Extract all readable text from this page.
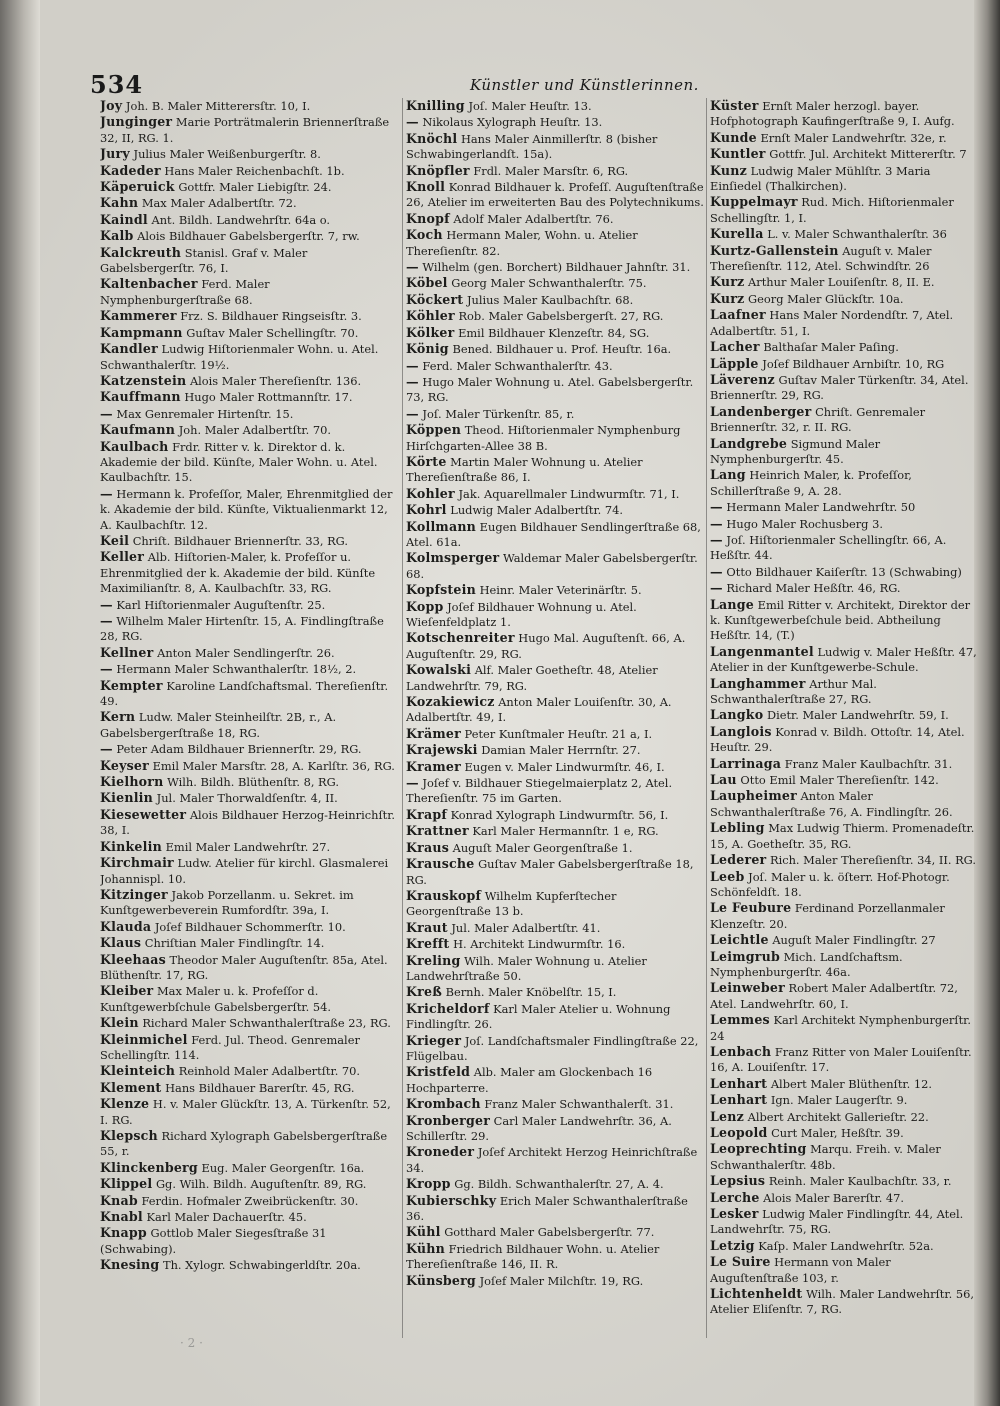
534	Künstler und Künstlerinnen.

Joy Joh. B. Maler Mitterersſtr. 10, I.

Junginger Marie Porträtmalerin Briennerſtraße 32, II, RG. 1.

Jury Julius Maler Weißenburgerſtr. 8.

Kadeder Hans Maler Reichenbachſt. 1b.

Käperuick Gottfr. Maler Liebigſtr. 24.

Kahn Max Maler Adalbertſtr. 72.

Kaindl Ant. Bildh. Landwehrſtr. 64a o.

Kalb Alois Bildhauer Gabelsbergerſtr. 7, rw.

Kalckreuth Stanisl. Graf v. Maler Gabelsbergerſtr. 76, I.

Kaltenbacher Ferd. Maler Nymphenburgerſtraße 68.

Kammerer Frz. S. Bildhauer Ringseisſtr. 3.

Kampmann Guſtav Maler Schellingſtr. 70.

Kandler Ludwig Hiſtorienmaler Wohn. u. Atel. Schwanthalerſtr. 19½.

Katzenstein Alois Maler Thereſienſtr. 136.

Kauffmann Hugo Maler Rottmannſtr. 17.

— Max Genremaler Hirtenſtr. 15.

Kaufmann Joh. Maler Adalbertſtr. 70.

Kaulbach Frdr. Ritter v. k. Direktor d. k. Akademie der bild. Künſte, Maler Wohn. u. Atel. Kaulbachſtr. 15.

— Hermann k. Profeſſor, Maler, Ehrenmitglied der k. Akademie der bild. Künſte, Viktualienmarkt 12, A. Kaulbachſtr. 12.

Keil Chriſt. Bildhauer Briennerſtr. 33, RG.

Keller Alb. Hiſtorien-Maler, k. Profeſſor u. Ehrenmitglied der k. Akademie der bild. Künſte Maximilianſtr. 8, A. Kaulbachſtr. 33, RG.

— Karl Hiſtorienmaler Auguſtenſtr. 25.

— Wilhelm Maler Hirtenſtr. 15, A. Findlingſtraße 28, RG.

Kellner Anton Maler Sendlingerſtr. 26.

— Hermann Maler Schwanthalerſtr. 18½, 2.

Kempter Karoline Landſchaftsmal. Thereſienſtr. 49.

Kern Ludw. Maler Steinheilſtr. 2B, r., A. Gabelsbergerſtraße 18, RG.

— Peter Adam Bildhauer Briennerſtr. 29, RG.

Keyser Emil Maler Marsſtr. 28, A. Karlſtr. 36, RG.

Kielhorn Wilh. Bildh. Blüthenſtr. 8, RG.

Kienlin Jul. Maler Thorwaldſenſtr. 4, II.

Kiesewetter Alois Bildhauer Herzog-Heinrichſtr. 38, I.

Kinkelin Emil Maler Landwehrſtr. 27.

Kirchmair Ludw. Atelier für kirchl. Glasmalerei Johannispl. 10.

Kitzinger Jakob Porzellanm. u. Sekret. im Kunſtgewerbeverein Rumfordſtr. 39a, I.

Klauda Joſef Bildhauer Schommerſtr. 10.

Klaus Chriſtian Maler Findlingſtr. 14.

Kleehaas Theodor Maler Auguſtenſtr. 85a, Atel. Blüthenſtr. 17, RG.

Kleiber Max Maler u. k. Profeſſor d. Kunſtgewerbſchule Gabelsbergerſtr. 54.

Klein Richard Maler Schwanthalerſtraße 23, RG.

Kleinmichel Ferd. Jul. Theod. Genremaler Schellingſtr. 114.

Kleinteich Reinhold Maler Adalbertſtr. 70.

Klement Hans Bildhauer Barerſtr. 45, RG.

Klenze H. v. Maler Glückſtr. 13, A. Türkenſtr. 52, I. RG.

Klepsch Richard Xylograph Gabelsbergerſtraße 55, r.

Klinckenberg Eug. Maler Georgenſtr. 16a.

Klippel Gg. Wilh. Bildh. Auguſtenſtr. 89, RG.

Knab Ferdin. Hofmaler Zweibrückenſtr. 30.

Knabl Karl Maler Dachauerſtr. 45.

Knapp Gottlob Maler Siegesſtraße 31 (Schwabing).

Knesing Th. Xylogr. Schwabingerldſtr. 20a.

Knilling Joſ. Maler Heuſtr. 13.

— Nikolaus Xylograph Heuſtr. 13.

Knöchl Hans Maler Ainmillerſtr. 8 (bisher Schwabingerlandſt. 15a).

Knöpfler Frdl. Maler Marsſtr. 6, RG.

Knoll Konrad Bildhauer k. Profeſſ. Auguſtenſtraße 26, Atelier im erweiterten Bau des Polytechnikums.

Knopf Adolf Maler Adalbertſtr. 76.

Koch Hermann Maler, Wohn. u. Atelier Thereſienſtr. 82.

— Wilhelm (gen. Borchert) Bildhauer Jahnſtr. 31.

Köbel Georg Maler Schwanthalerſtr. 75.

Köckert Julius Maler Kaulbachſtr. 68.

Köhler Rob. Maler Gabelsbergerſt. 27, RG.

Kölker Emil Bildhauer Klenzeſtr. 84, SG.

König Bened. Bildhauer u. Prof. Heuſtr. 16a.

— Ferd. Maler Schwanthalerſtr. 43.

— Hugo Maler Wohnung u. Atel. Gabelsbergerſtr. 73, RG.

— Joſ. Maler Türkenſtr. 85, r.

Köppen Theod. Hiſtorienmaler Nymphenburg Hirſchgarten-Allee 38 B.

Körte Martin Maler Wohnung u. Atelier Thereſienſtraße 86, I.

Kohler Jak. Aquarellmaler Lindwurmſtr. 71, I.

Kohrl Ludwig Maler Adalbertſtr. 74.

Kollmann Eugen Bildhauer Sendlingerſtraße 68, Atel. 61a.

Kolmsperger Waldemar Maler Gabelsbergerſtr. 68.

Kopfstein Heinr. Maler Veterinärſtr. 5.

Kopp Joſef Bildhauer Wohnung u. Atel. Wieſenfeldplatz 1.

Kotschenreiter Hugo Mal. Auguſtenſt. 66, A. Auguſtenſtr. 29, RG.

Kowalski Alf. Maler Goetheſtr. 48, Atelier Landwehrſtr. 79, RG.

Kozakiewicz Anton Maler Louiſenſtr. 30, A. Adalbertſtr. 49, I.

Krämer Peter Kunſtmaler Heuſtr. 21 a, I.

Krajewski Damian Maler Herrnſtr. 27.

Kramer Eugen v. Maler Lindwurmſtr. 46, I.

— Joſef v. Bildhauer Stiegelmaierplatz 2, Atel. Thereſienſtr. 75 im Garten.

Krapf Konrad Xylograph Lindwurmſtr. 56, I.

Krattner Karl Maler Hermannſtr. 1 e, RG.

Kraus Auguſt Maler Georgenſtraße 1.

Krausche Guſtav Maler Gabelsbergerſtraße 18, RG.

Krauskopf Wilhelm Kupferſtecher Georgenſtraße 13 b.

Kraut Jul. Maler Adalbertſtr. 41.

Krefft H. Architekt Lindwurmſtr. 16.

Kreling Wilh. Maler Wohnung u. Atelier Landwehrſtraße 50.

Kreß Bernh. Maler Knöbelſtr. 15, I.

Kricheldorf Karl Maler Atelier u. Wohnung Findlingſtr. 26.

Krieger Joſ. Landſchaftsmaler Findlingſtraße 22, Flügelbau.

Kristfeld Alb. Maler am Glockenbach 16 Hochparterre.

Krombach Franz Maler Schwanthalerſt. 31.

Kronberger Carl Maler Landwehrſtr. 36, A. Schillerſtr. 29.

Kroneder Joſef Architekt Herzog Heinrichſtraße 34.

Kropp Gg. Bildh. Schwanthalerſtr. 27, A. 4.

Kubierschky Erich Maler Schwanthalerſtraße 36.

Kühl Gotthard Maler Gabelsbergerſtr. 77.

Kühn Friedrich Bildhauer Wohn. u. Atelier Thereſienſtraße 146, II. R.

Künsberg Joſef Maler Milchſtr. 19, RG.

Küster Ernſt Maler herzogl. bayer. Hofphotograph Kaufingerſtraße 9, I. Aufg.

Kunde Ernſt Maler Landwehrſtr. 32e, r.

Kuntler Gottfr. Jul. Architekt Mittererſtr. 7

Kunz Ludwig Maler Mühlſtr. 3 Maria Einſiedel (Thalkirchen).

Kuppelmayr Rud. Mich. Hiſtorienmaler Schellingſtr. 1, I.

Kurella L. v. Maler Schwanthalerſtr. 36

Kurtz-Gallenstein Auguſt v. Maler Thereſienſtr. 112, Atel. Schwindſtr. 26

Kurz Arthur Maler Louiſenſtr. 8, II. E.

Kurz Georg Maler Glückſtr. 10a.

Laafner Hans Maler Nordendſtr. 7, Atel. Adalbertſtr. 51, I.

Lacher Balthaſar Maler Paſing.

Läpple Joſef Bildhauer Arnbiſtr. 10, RG

Läverenz Guſtav Maler Türkenſtr. 34, Atel. Briennerſtr. 29, RG.

Landenberger Chriſt. Genremaler Briennerſtr. 32, r. II. RG.

Landgrebe Sigmund Maler Nymphenburgerſtr. 45.

Lang Heinrich Maler, k. Profeſſor, Schillerſtraße 9, A. 28.

— Hermann Maler Landwehrſtr. 50

— Hugo Maler Rochusberg 3.

— Joſ. Hiſtorienmaler Schellingſtr. 66, A. Heßſtr. 44.

— Otto Bildhauer Kaiſerſtr. 13 (Schwabing)

— Richard Maler Heßſtr. 46, RG.

Lange Emil Ritter v. Architekt, Direktor der k. Kunſtgewerbeſchule beid. Abtheilung Heßſtr. 14, (T.)

Langenmantel Ludwig v. Maler Heßſtr. 47, Atelier in der Kunſtgewerbe-Schule.

Langhammer Arthur Mal. Schwanthalerſtraße 27, RG.

Langko Dietr. Maler Landwehrſtr. 59, I.

Langlois Konrad v. Bildh. Ottoſtr. 14, Atel. Heuſtr. 29.

Larrinaga Franz Maler Kaulbachſtr. 31.

Lau Otto Emil Maler Thereſienſtr. 142.

Laupheimer Anton Maler Schwanthalerſtraße 76, A. Findlingſtr. 26.

Lebling Max Ludwig Thierm. Promenadeſtr. 15, A. Goetheſtr. 35, RG.

Lederer Rich. Maler Thereſienſtr. 34, II. RG.

Leeb Joſ. Maler u. k. öſterr. Hof-Photogr. Schönfeldſt. 18.

Le Feubure Ferdinand Porzellanmaler Klenzeſtr. 20.

Leichtle Auguſt Maler Findlingſtr. 27

Leimgrub Mich. Landſchaftsm. Nymphenburgerſtr. 46a.

Leinweber Robert Maler Adalbertſtr. 72, Atel. Landwehrſtr. 60, I.

Lemmes Karl Architekt Nymphenburgerſtr. 24

Lenbach Franz Ritter von Maler Louiſenſtr. 16, A. Louiſenſtr. 17.

Lenhart Albert Maler Blüthenſtr. 12.

Lenhart Ign. Maler Laugerſtr. 9.

Lenz Albert Architekt Gallerieſtr. 22.

Leopold Curt Maler, Heßſtr. 39.

Leoprechting Marqu. Freih. v. Maler Schwanthalerſtr. 48b.

Lepsius Reinh. Maler Kaulbachſtr. 33, r.

Lerche Alois Maler Barerſtr. 47.

Lesker Ludwig Maler Findlingſtr. 44, Atel. Landwehrſtr. 75, RG.

Letzig Kaſp. Maler Landwehrſtr. 52a.

Le Suire Hermann von Maler Auguſtenſtraße 103, r.

Lichtenheldt Wilh. Maler Landwehrſtr. 56, Atelier Eliſenſtr. 7, RG.

· 2 ·
